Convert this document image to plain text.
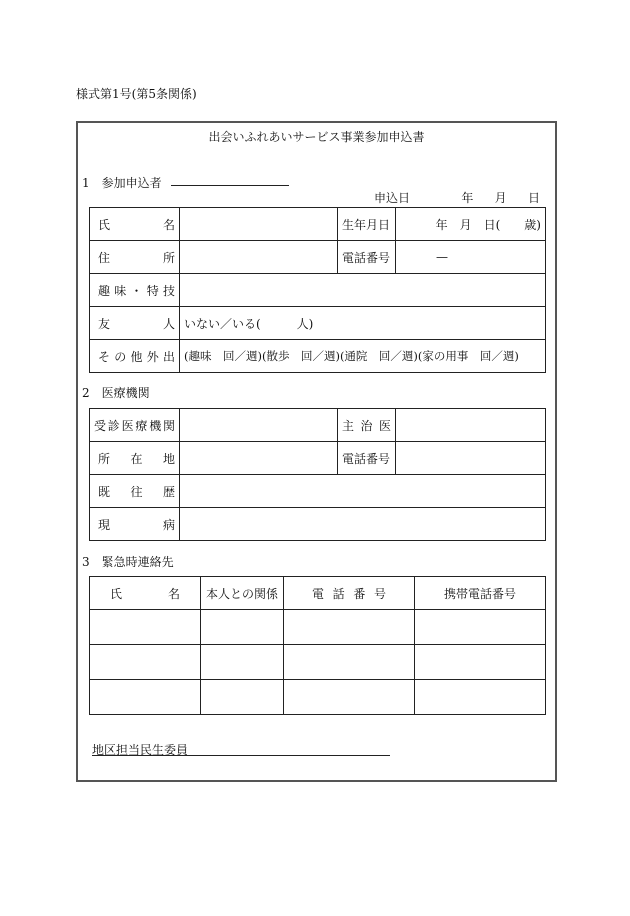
様式第1号(第5条関係)
出会いふれあいサービス事業参加申込書
1　参加申込者
申込日	年 月 日
氏　名		生年月日	年　月　日(　　歳)
住　所		電話番号	—
趣味・特技			
友　人	いない／いる(　　　人)		
その他外出	(趣味　回／週)(散歩　回／週)(通院　回／週)(家の用事　回／週)		
2　医療機関
受診医療機関		主治医	
所在地		電話番号	
既往歴			
現病			
3　緊急時連絡先
氏　名	本人との関係	電話番号	携帯電話番号

地区担当民生委員
